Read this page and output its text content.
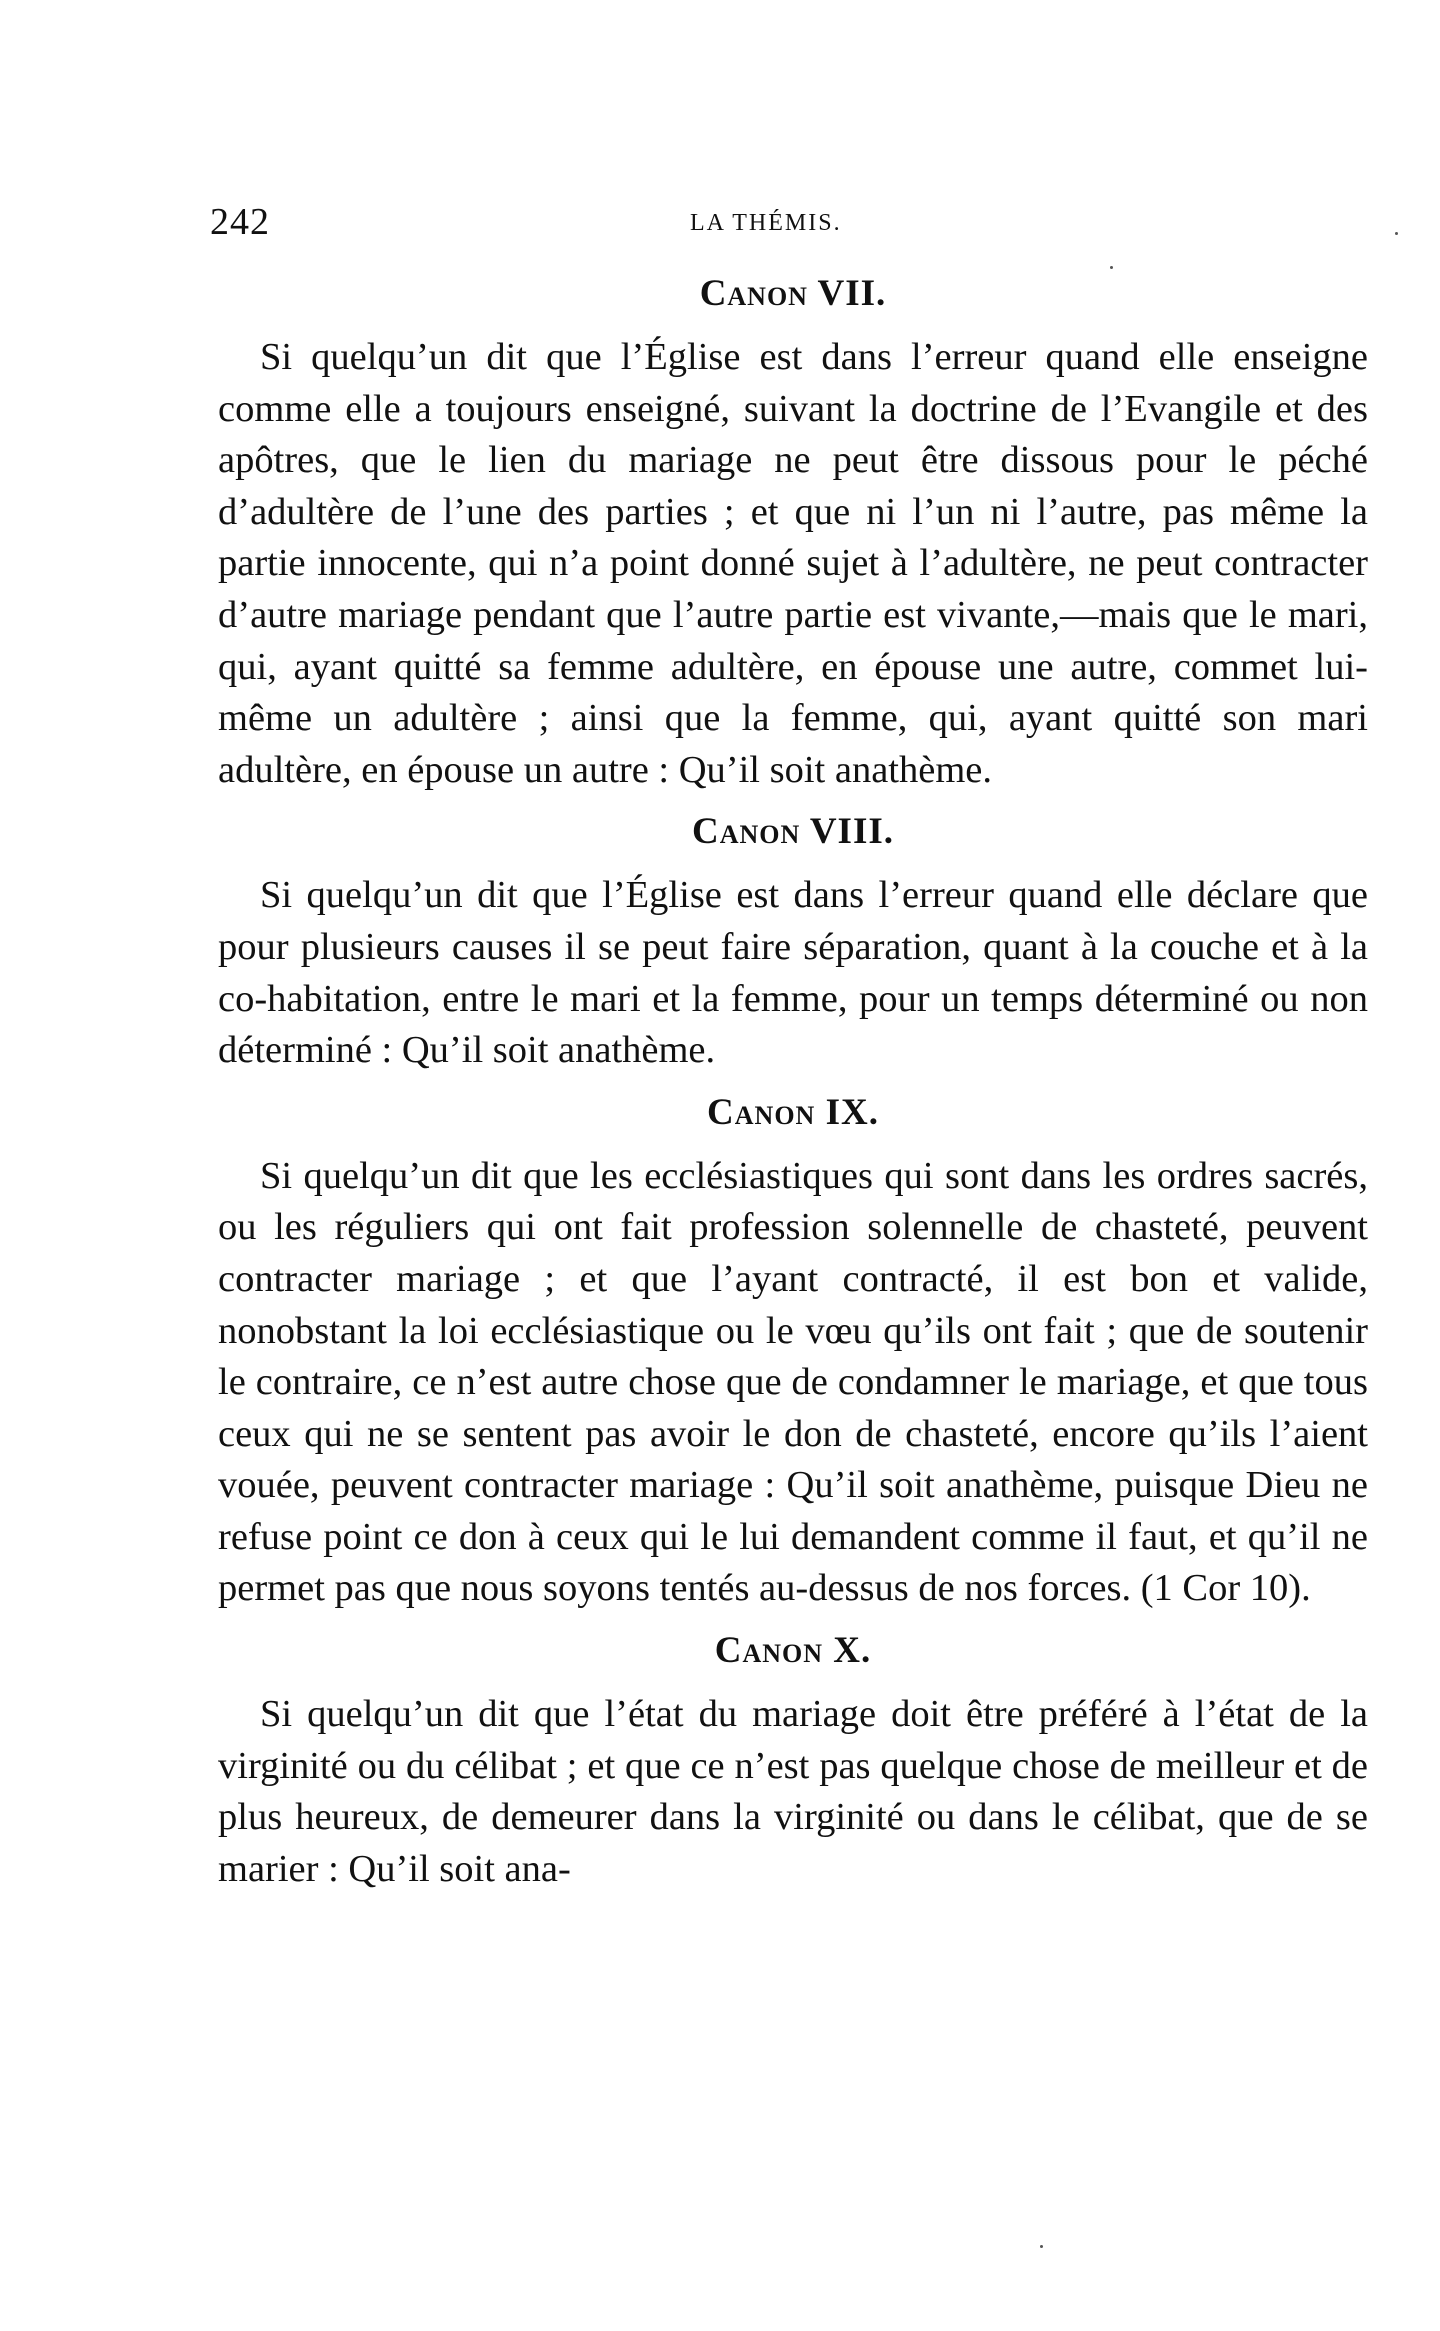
242	LA THÉMIS.
Canon VII.

Si quelqu’un dit que l’Église est dans l’erreur quand elle enseigne comme elle a toujours enseigné, suivant la doctrine de l’Evangile et des apôtres, que le lien du mariage ne peut être dissous pour le péché d’adultère de l’une des parties ; et que ni l’un ni l’autre, pas même la partie innocente, qui n’a point donné sujet à l’adultère, ne peut contracter d’autre mariage pendant que l’autre partie est vivante,—mais que le mari, qui, ayant quitté sa femme adultère, en épouse une autre, commet lui-même un adultère ; ainsi que la femme, qui, ayant quitté son mari adultère, en épouse un autre : Qu’il soit anathème.

Canon VIII.

Si quelqu’un dit que l’Église est dans l’erreur quand elle déclare que pour plusieurs causes il se peut faire séparation, quant à la couche et à la co-habitation, entre le mari et la femme, pour un temps déterminé ou non déterminé : Qu’il soit anathème.

Canon IX.

Si quelqu’un dit que les ecclésiastiques qui sont dans les ordres sacrés, ou les réguliers qui ont fait profession solennelle de chasteté, peuvent contracter mariage ; et que l’ayant contracté, il est bon et valide, nonobstant la loi ecclésiastique ou le vœu qu’ils ont fait ; que de soutenir le contraire, ce n’est autre chose que de condamner le mariage, et que tous ceux qui ne se sentent pas avoir le don de chasteté, encore qu’ils l’aient vouée, peuvent contracter mariage : Qu’il soit anathème, puisque Dieu ne refuse point ce don à ceux qui le lui demandent comme il faut, et qu’il ne permet pas que nous soyons tentés au-dessus de nos forces. (1 Cor 10).

Canon X.

Si quelqu’un dit que l’état du mariage doit être préféré à l’état de la virginité ou du célibat ; et que ce n’est pas quelque chose de meilleur et de plus heureux, de demeurer dans la virginité ou dans le célibat, que de se marier : Qu’il soit ana-
